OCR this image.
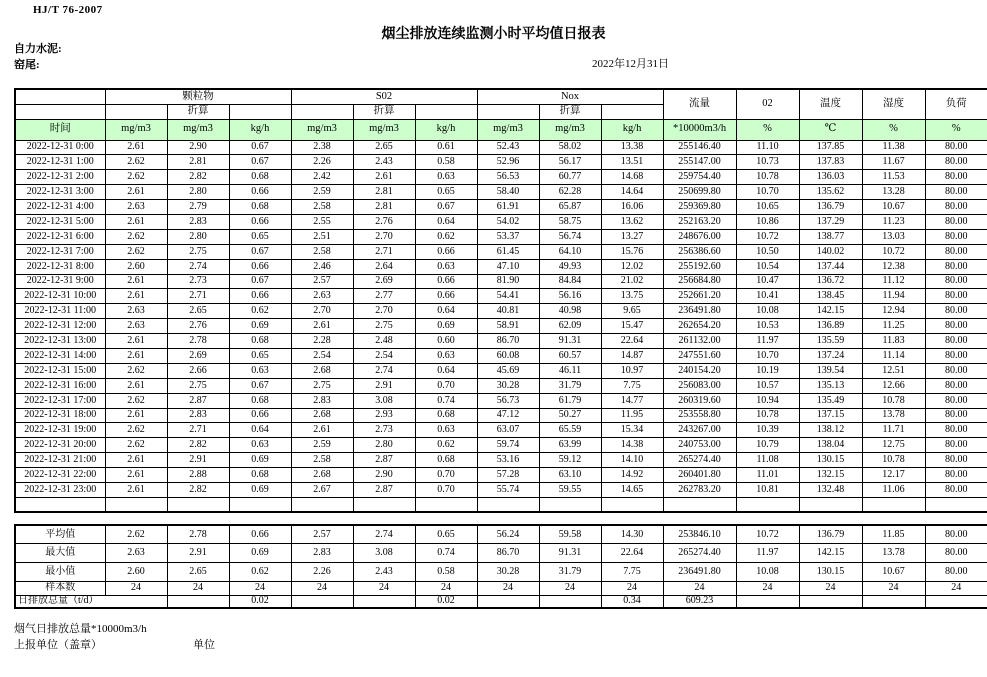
HJ/T 76-2007
烟尘排放连续监测小时平均值日报表
自力水泥:
窑尾:	2022年12月31日
	颗粒物			S02			Nox			流量	02	温度	湿度	负荷
		折算			折算			折算						
时间	mg/m3	mg/m3	kg/h	mg/m3	mg/m3	kg/h	mg/m3	mg/m3	kg/h	*10000m3/h	%	℃	%	%
2022-12-31 0:00	2.61	2.90	0.67	2.38	2.65	0.61	52.43	58.02	13.38	255146.40	11.10	137.85	11.38	80.00
2022-12-31 1:00	2.62	2.81	0.67	2.26	2.43	0.58	52.96	56.17	13.51	255147.00	10.73	137.83	11.67	80.00
2022-12-31 2:00	2.62	2.82	0.68	2.42	2.61	0.63	56.53	60.77	14.68	259754.40	10.78	136.03	11.53	80.00
2022-12-31 3:00	2.61	2.80	0.66	2.59	2.81	0.65	58.40	62.28	14.64	250699.80	10.70	135.62	13.28	80.00
2022-12-31 4:00	2.63	2.79	0.68	2.58	2.81	0.67	61.91	65.87	16.06	259369.80	10.65	136.79	10.67	80.00
2022-12-31 5:00	2.61	2.83	0.66	2.55	2.76	0.64	54.02	58.75	13.62	252163.20	10.86	137.29	11.23	80.00
2022-12-31 6:00	2.62	2.80	0.65	2.51	2.70	0.62	53.37	56.74	13.27	248676.00	10.72	138.77	13.03	80.00
2022-12-31 7:00	2.62	2.75	0.67	2.58	2.71	0.66	61.45	64.10	15.76	256386.60	10.50	140.02	10.72	80.00
2022-12-31 8:00	2.60	2.74	0.66	2.46	2.64	0.63	47.10	49.93	12.02	255192.60	10.54	137.44	12.38	80.00
2022-12-31 9:00	2.61	2.73	0.67	2.57	2.69	0.66	81.90	84.84	21.02	256684.80	10.47	136.72	11.12	80.00
2022-12-31 10:00	2.61	2.71	0.66	2.63	2.77	0.66	54.41	56.16	13.75	252661.20	10.41	138.45	11.94	80.00
2022-12-31 11:00	2.63	2.65	0.62	2.70	2.70	0.64	40.81	40.98	9.65	236491.80	10.08	142.15	12.94	80.00
2022-12-31 12:00	2.63	2.76	0.69	2.61	2.75	0.69	58.91	62.09	15.47	262654.20	10.53	136.89	11.25	80.00
2022-12-31 13:00	2.61	2.78	0.68	2.28	2.48	0.60	86.70	91.31	22.64	261132.00	11.97	135.59	11.83	80.00
2022-12-31 14:00	2.61	2.69	0.65	2.54	2.54	0.63	60.08	60.57	14.87	247551.60	10.70	137.24	11.14	80.00
2022-12-31 15:00	2.62	2.66	0.63	2.68	2.74	0.64	45.69	46.11	10.97	240154.20	10.19	139.54	12.51	80.00
2022-12-31 16:00	2.61	2.75	0.67	2.75	2.91	0.70	30.28	31.79	7.75	256083.00	10.57	135.13	12.66	80.00
2022-12-31 17:00	2.62	2.87	0.68	2.83	3.08	0.74	56.73	61.79	14.77	260319.60	10.94	135.49	10.78	80.00
2022-12-31 18:00	2.61	2.83	0.66	2.68	2.93	0.68	47.12	50.27	11.95	253558.80	10.78	137.15	13.78	80.00
2022-12-31 19:00	2.62	2.71	0.64	2.61	2.73	0.63	63.07	65.59	15.34	243267.00	10.39	138.12	11.71	80.00
2022-12-31 20:00	2.62	2.82	0.63	2.59	2.80	0.62	59.74	63.99	14.38	240753.00	10.79	138.04	12.75	80.00
2022-12-31 21:00	2.61	2.91	0.69	2.58	2.87	0.68	53.16	59.12	14.10	265274.40	11.08	130.15	10.78	80.00
2022-12-31 22:00	2.61	2.88	0.68	2.68	2.90	0.70	57.28	63.10	14.92	260401.80	11.01	132.15	12.17	80.00
2022-12-31 23:00	2.61	2.82	0.69	2.67	2.87	0.70	55.74	59.55	14.65	262783.20	10.81	132.48	11.06	80.00

平均值	2.62	2.78	0.66	2.57	2.74	0.65	56.24	59.58	14.30	253846.10	10.72	136.79	11.85	80.00
最大值	2.63	2.91	0.69	2.83	3.08	0.74	86.70	91.31	22.64	265274.40	11.97	142.15	13.78	80.00
最小值	2.60	2.65	0.62	2.26	2.43	0.58	30.28	31.79	7.75	236491.80	10.08	130.15	10.67	80.00
样本数	24	24	24	24	24	24	24	24	24	24	24	24	24	24
日排放总量（t/d）			0.02			0.02			0.34	609.23				
烟气日排放总量*10000m3/h
上报单位（盖章）	单位
